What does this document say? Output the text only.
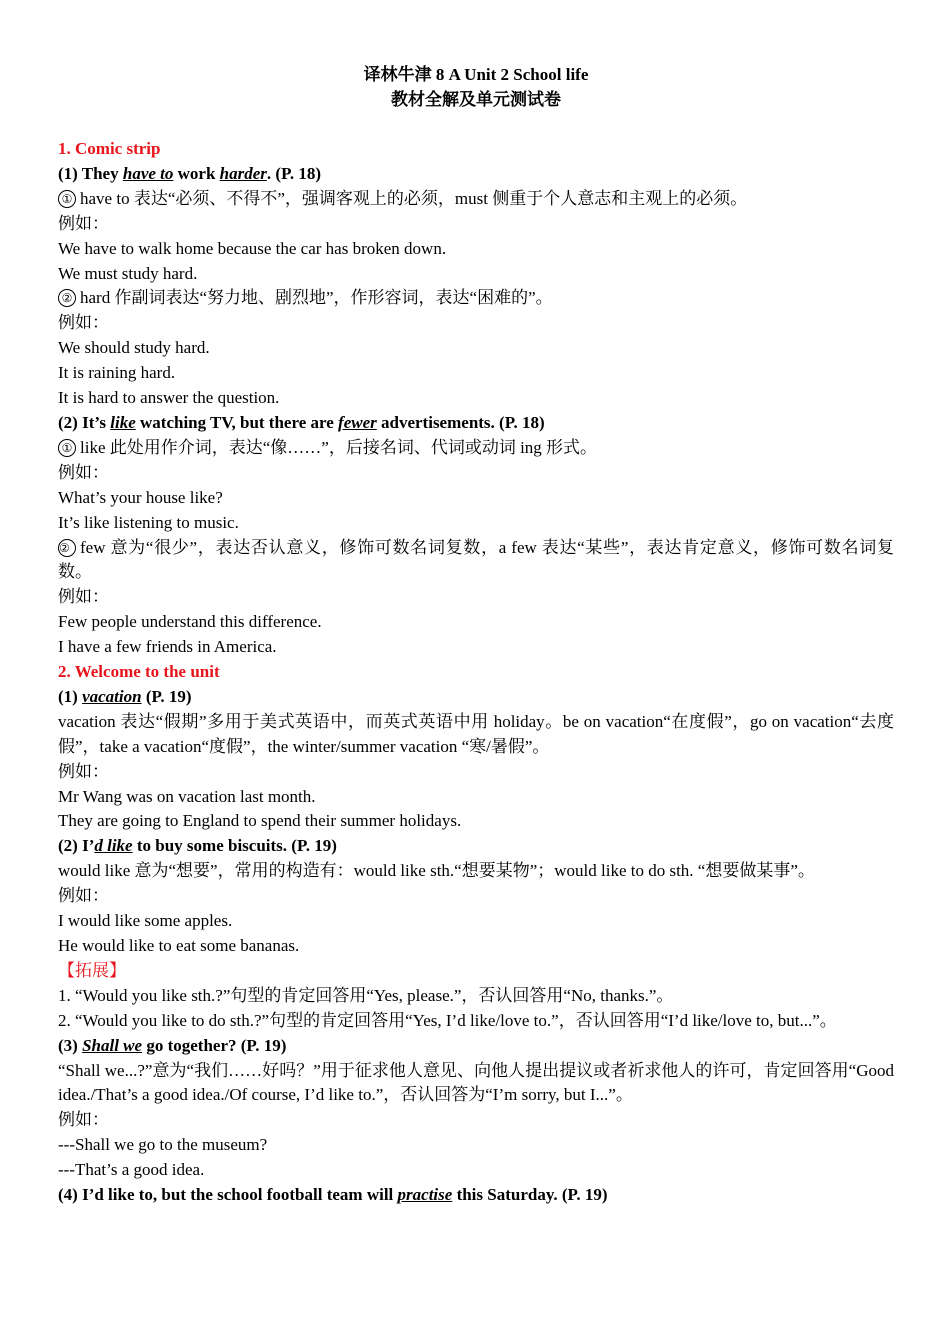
译林牛津 8 A Unit 2 School life
教材全解及单元测试卷
1. Comic strip
(1) They have to work harder. (P. 18)
① have to 表达“必须、不得不”，强调客观上的必须，must 侧重于个人意志和主观上的必须。
例如：
We have to walk home because the car has broken down.
We must study hard.
② hard 作副词表达“努力地、剧烈地”，作形容词，表达“困难的”。
例如：
We should study hard.
It is raining hard.
It is hard to answer the question.
(2) It’s like watching TV, but there are fewer advertisements. (P. 18)
① like 此处用作介词，表达“像……”，后接名词、代词或动词 ing 形式。
例如：
What’s your house like?
It’s like listening to music.
② few 意为“很少”，表达否认意义，修饰可数名词复数，a few 表达“某些”，表达肯定意义，修饰可数名词复数。
例如：
Few people understand this difference.
I have a few friends in America.
2. Welcome to the unit
(1) vacation (P. 19)
vacation 表达“假期”多用于美式英语中，而英式英语中用 holiday。be on vacation“在度假”，go on vacation“去度假”，take a vacation“度假”，the winter/summer vacation “寒/暑假”。
例如：
Mr Wang was on vacation last month.
They are going to England to spend their summer holidays.
(2) I’d like to buy some biscuits. (P. 19)
would like 意为“想要”，常用的构造有：would like sth.“想要某物”；would like to do sth. “想要做某事”。
例如：
I would like some apples.
He would like to eat some bananas.
【拓展】
1. “Would you like sth.?”句型的肯定回答用“Yes, please.”，否认回答用“No, thanks.”。
2. “Would you like to do sth.?”句型的肯定回答用“Yes, I’d like/love to.”，否认回答用“I’d like/love to, but...”。
(3) Shall we go together? (P. 19)
“Shall we...?”意为“我们……好吗？”用于征求他人意见、向他人提出提议或者祈求他人的许可，肯定回答用“Good idea./That’s a good idea./Of course, I’d like to.”，否认回答为“I’m sorry, but I...”。
例如：
---Shall we go to the museum?
---That’s a good idea.
(4) I’d like to, but the school football team will practise this Saturday. (P. 19)
